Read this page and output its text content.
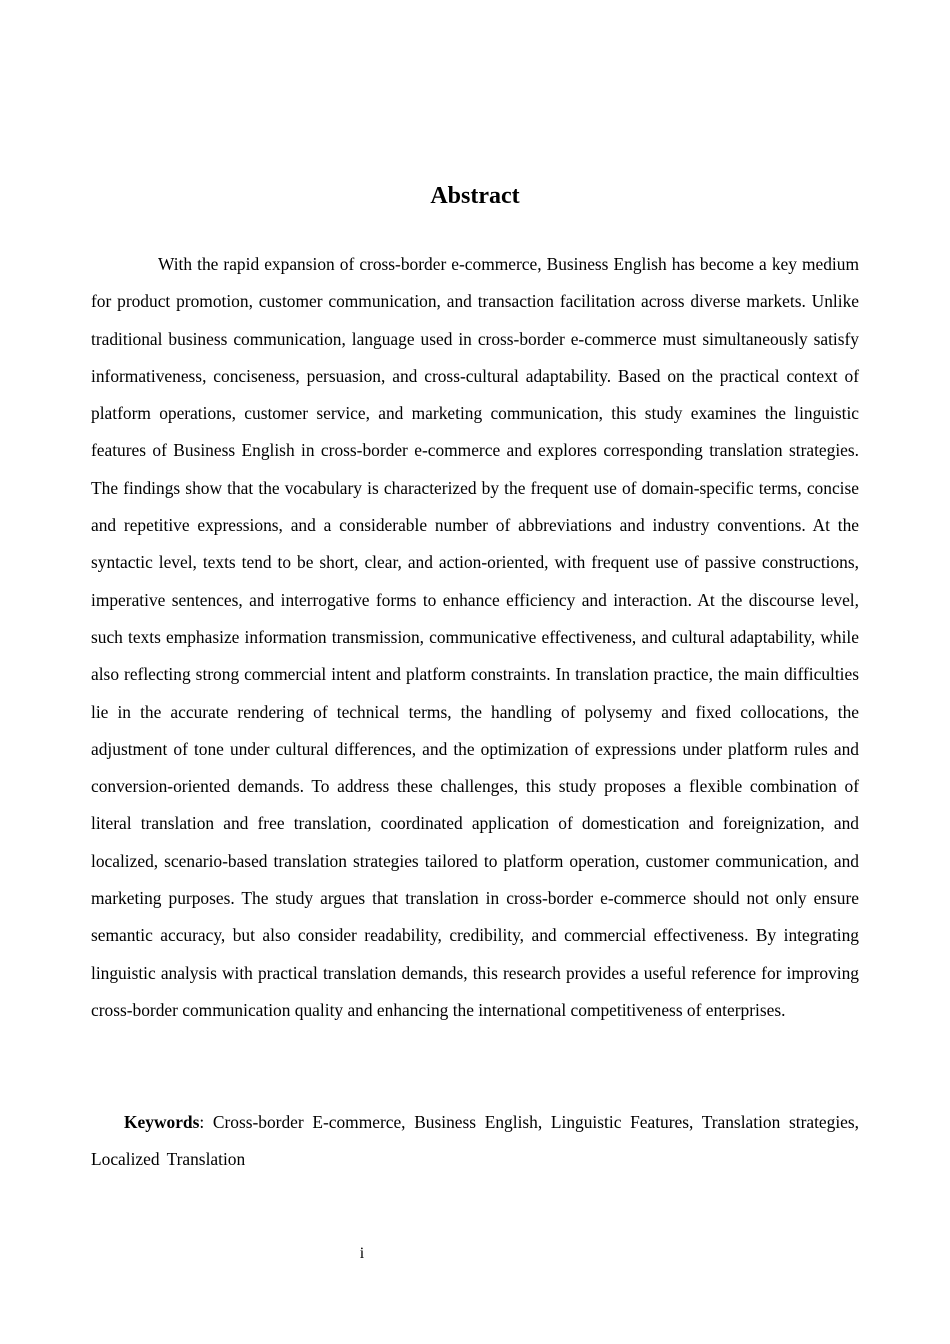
Abstract

With the rapid expansion of cross-border e-commerce, Business English has become a key medium for product promotion, customer communication, and transaction facilitation across diverse markets. Unlike traditional business communication, language used in cross-border e-commerce must simultaneously satisfy informativeness, conciseness, persuasion, and cross-cultural adaptability. Based on the practical context of platform operations, customer service, and marketing communication, this study examines the linguistic features of Business English in cross-border e-commerce and explores corresponding translation strategies. The findings show that the vocabulary is characterized by the frequent use of domain-specific terms, concise and repetitive expressions, and a considerable number of abbreviations and industry conventions. At the syntactic level, texts tend to be short, clear, and action-oriented, with frequent use of passive constructions, imperative sentences, and interrogative forms to enhance efficiency and interaction. At the discourse level, such texts emphasize information transmission, communicative effectiveness, and cultural adaptability, while also reflecting strong commercial intent and platform constraints. In translation practice, the main difficulties lie in the accurate rendering of technical terms, the handling of polysemy and fixed collocations, the adjustment of tone under cultural differences, and the optimization of expressions under platform rules and conversion-oriented demands. To address these challenges, this study proposes a flexible combination of literal translation and free translation, coordinated application of domestication and foreignization, and localized, scenario-based translation strategies tailored to platform operation, customer communication, and marketing purposes. The study argues that translation in cross-border e-commerce should not only ensure semantic accuracy, but also consider readability, credibility, and commercial effectiveness. By integrating linguistic analysis with practical translation demands, this research provides a useful reference for improving cross-border communication quality and enhancing the international competitiveness of enterprises.

Keywords: Cross-border E-commerce, Business English, Linguistic Features, Translation strategies, Localized Translation

i
